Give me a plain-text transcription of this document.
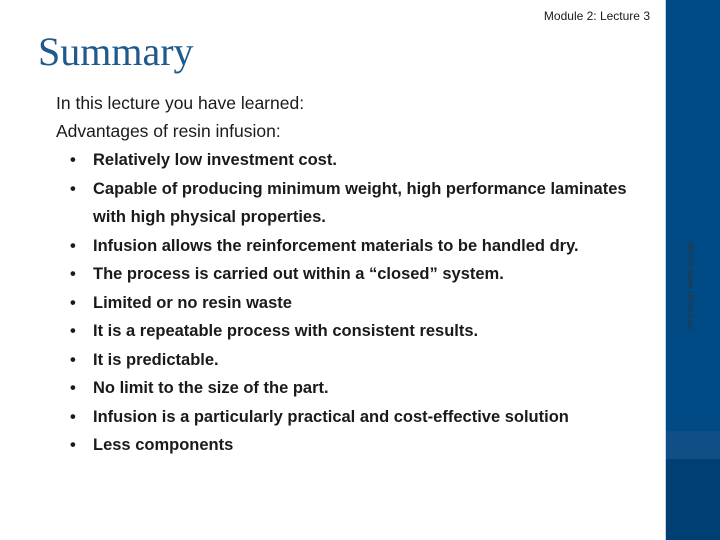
Module 2: Lecture 3
Summary
In this lecture you have learned:
Advantages of resin infusion:
• Relatively low investment cost.
• Capable of producing minimum weight, high performance laminates with high physical properties.
• Infusion allows the reinforcement materials to be handled dry.
• The process is carried out within a “closed” system.
• Limited or no resin waste
• It is a repeatable process with consistent results.
• It is predictable.
• No limit to the size of the part.
• Infusion is a particularly practical and cost-effective solution
• Less components
2019 Skagit Valley College
